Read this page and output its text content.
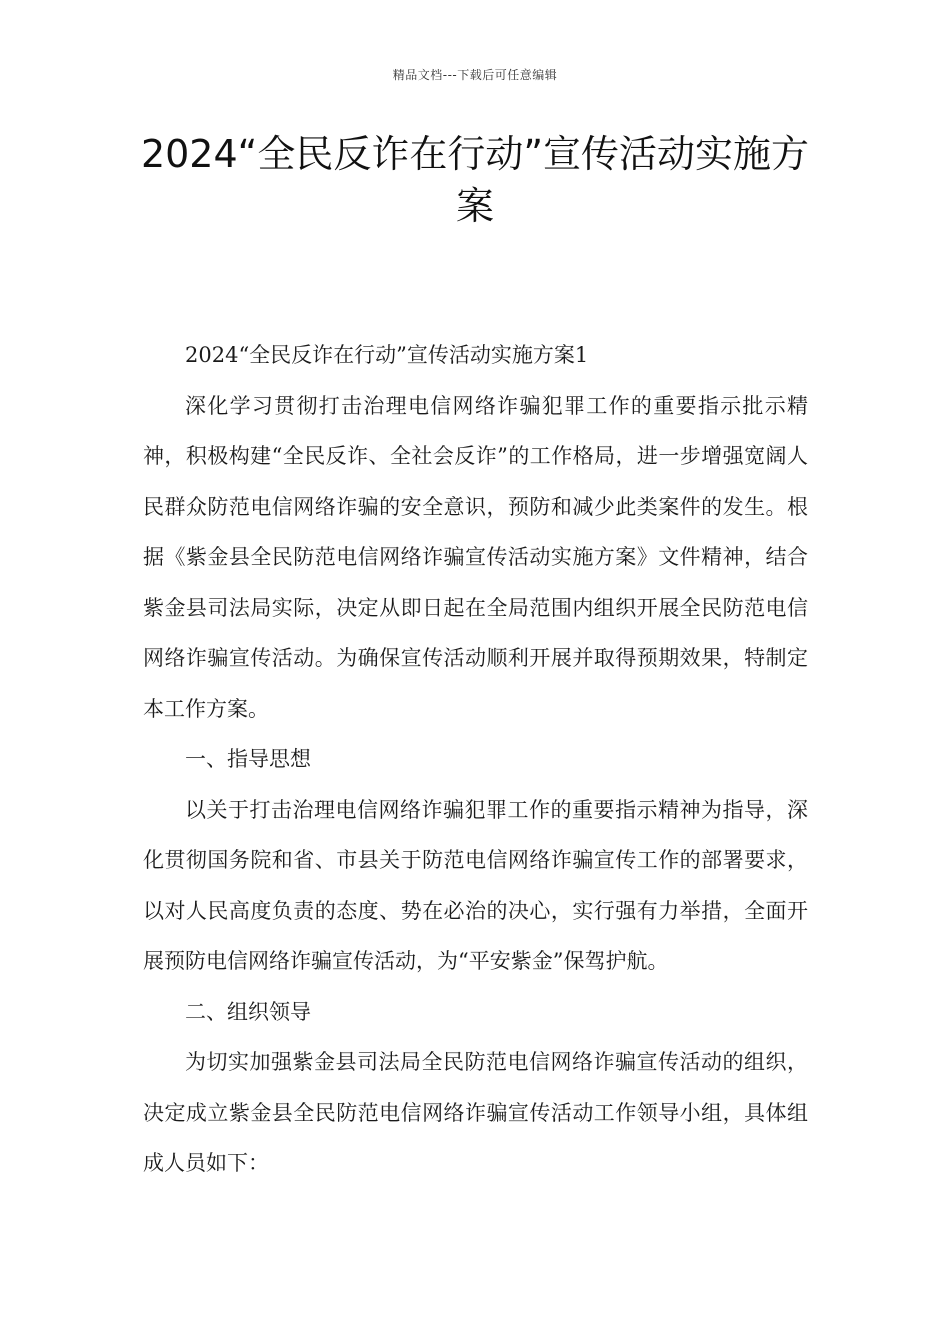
精品文档---下载后可任意编辑
2024“全民反诈在行动”宣传活动实施方案

2024“全民反诈在行动”宣传活动实施方案1

深化学习贯彻打击治理电信网络诈骗犯罪工作的重要指示批示精神，积极构建“全民反诈、全社会反诈”的工作格局，进一步增强宽阔人民群众防范电信网络诈骗的安全意识，预防和减少此类案件的发生。根据《紫金县全民防范电信网络诈骗宣传活动实施方案》文件精神，结合紫金县司法局实际，决定从即日起在全局范围内组织开展全民防范电信网络诈骗宣传活动。为确保宣传活动顺利开展并取得预期效果，特制定本工作方案。

一、指导思想

以关于打击治理电信网络诈骗犯罪工作的重要指示精神为指导，深化贯彻国务院和省、市县关于防范电信网络诈骗宣传工作的部署要求，以对人民高度负责的态度、势在必治的决心，实行强有力举措，全面开展预防电信网络诈骗宣传活动，为“平安紫金”保驾护航。

二、组织领导

为切实加强紫金县司法局全民防范电信网络诈骗宣传活动的组织，决定成立紫金县全民防范电信网络诈骗宣传活动工作领导小组，具体组成人员如下：
